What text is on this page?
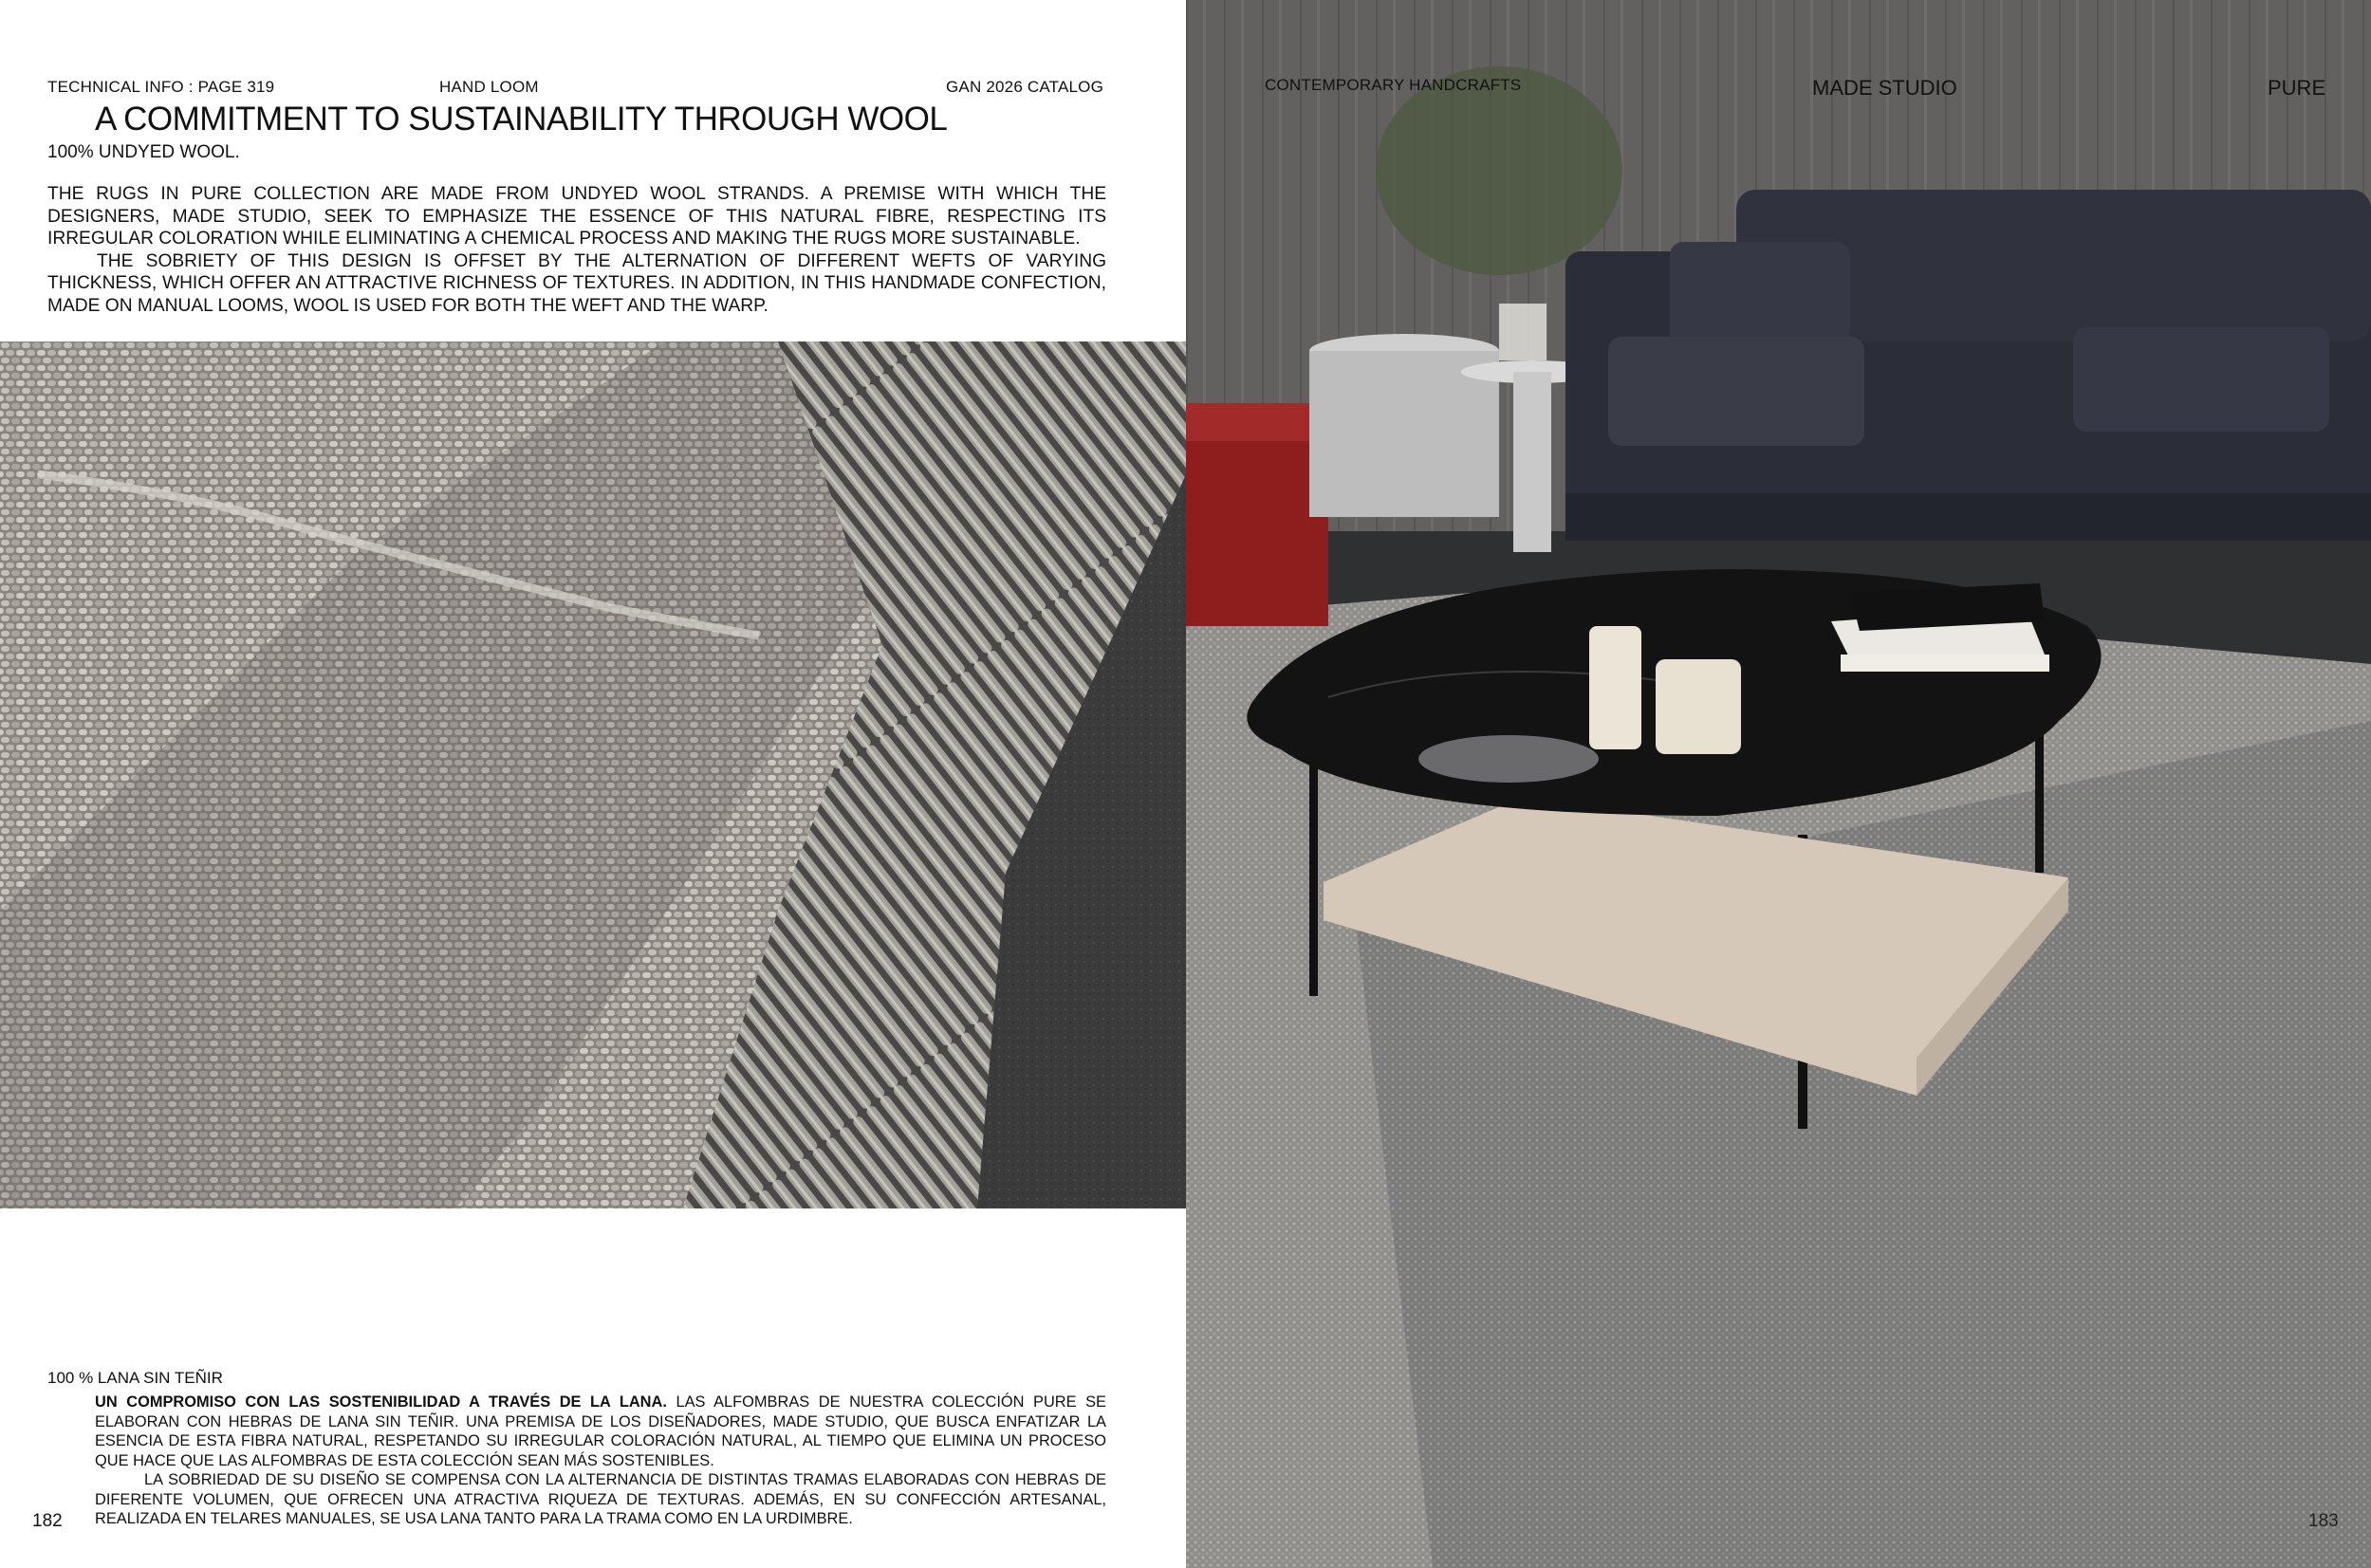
TECHNICAL INFO : PAGE 319	HAND LOOM	GAN 2026 CATALOG
A COMMITMENT TO SUSTAINABILITY THROUGH WOOL
100% UNDYED WOOL.

THE RUGS IN PURE COLLECTION ARE MADE FROM UNDYED WOOL STRANDS. A PREMISE WITH WHICH THE DESIGNERS, MADE STUDIO, SEEK TO EMPHASIZE THE ESSENCE OF THIS NATURAL FIBRE, RESPECTING ITS IRREGULAR COLORATION WHILE ELIMINATING A CHEMICAL PROCESS AND MAKING THE RUGS MORE SUSTAINABLE.

THE SOBRIETY OF THIS DESIGN IS OFFSET BY THE ALTERNATION OF DIFFERENT WEFTS OF VARYING THICKNESS, WHICH OFFER AN ATTRACTIVE RICHNESS OF TEXTURES. IN ADDITION, IN THIS HANDMADE CONFECTION, MADE ON MANUAL LOOMS, WOOL IS USED FOR BOTH THE WEFT AND THE WARP.

100 % LANA SIN TEÑIR

UN COMPROMISO CON LAS SOSTENIBILIDAD A TRAVÉS DE LA LANA. LAS ALFOMBRAS DE NUESTRA COLECCIÓN PURE SE ELABORAN CON HEBRAS DE LANA SIN TEÑIR. UNA PREMISA DE LOS DISEÑADORES, MADE STUDIO, QUE BUSCA ENFATIZAR LA ESENCIA DE ESTA FIBRA NATURAL, RESPETANDO SU IRREGULAR COLORACIÓN NATURAL, AL TIEMPO QUE ELIMINA UN PROCESO QUE HACE QUE LAS ALFOMBRAS DE ESTA COLECCIÓN SEAN MÁS SOSTENIBLES.

LA SOBRIEDAD DE SU DISEÑO SE COMPENSA CON LA ALTERNANCIA DE DISTINTAS TRAMAS ELABORADAS CON HEBRAS DE DIFERENTE VOLUMEN, QUE OFRECEN UNA ATRACTIVA RIQUEZA DE TEXTURAS. ADEMÁS, EN SU CONFECCIÓN ARTESANAL, REALIZADA EN TELARES MANUALES, SE USA LANA TANTO PARA LA TRAMA COMO EN LA URDIMBRE.

182
CONTEMPORARY HANDCRAFTS	MADE STUDIO	PURE
183
